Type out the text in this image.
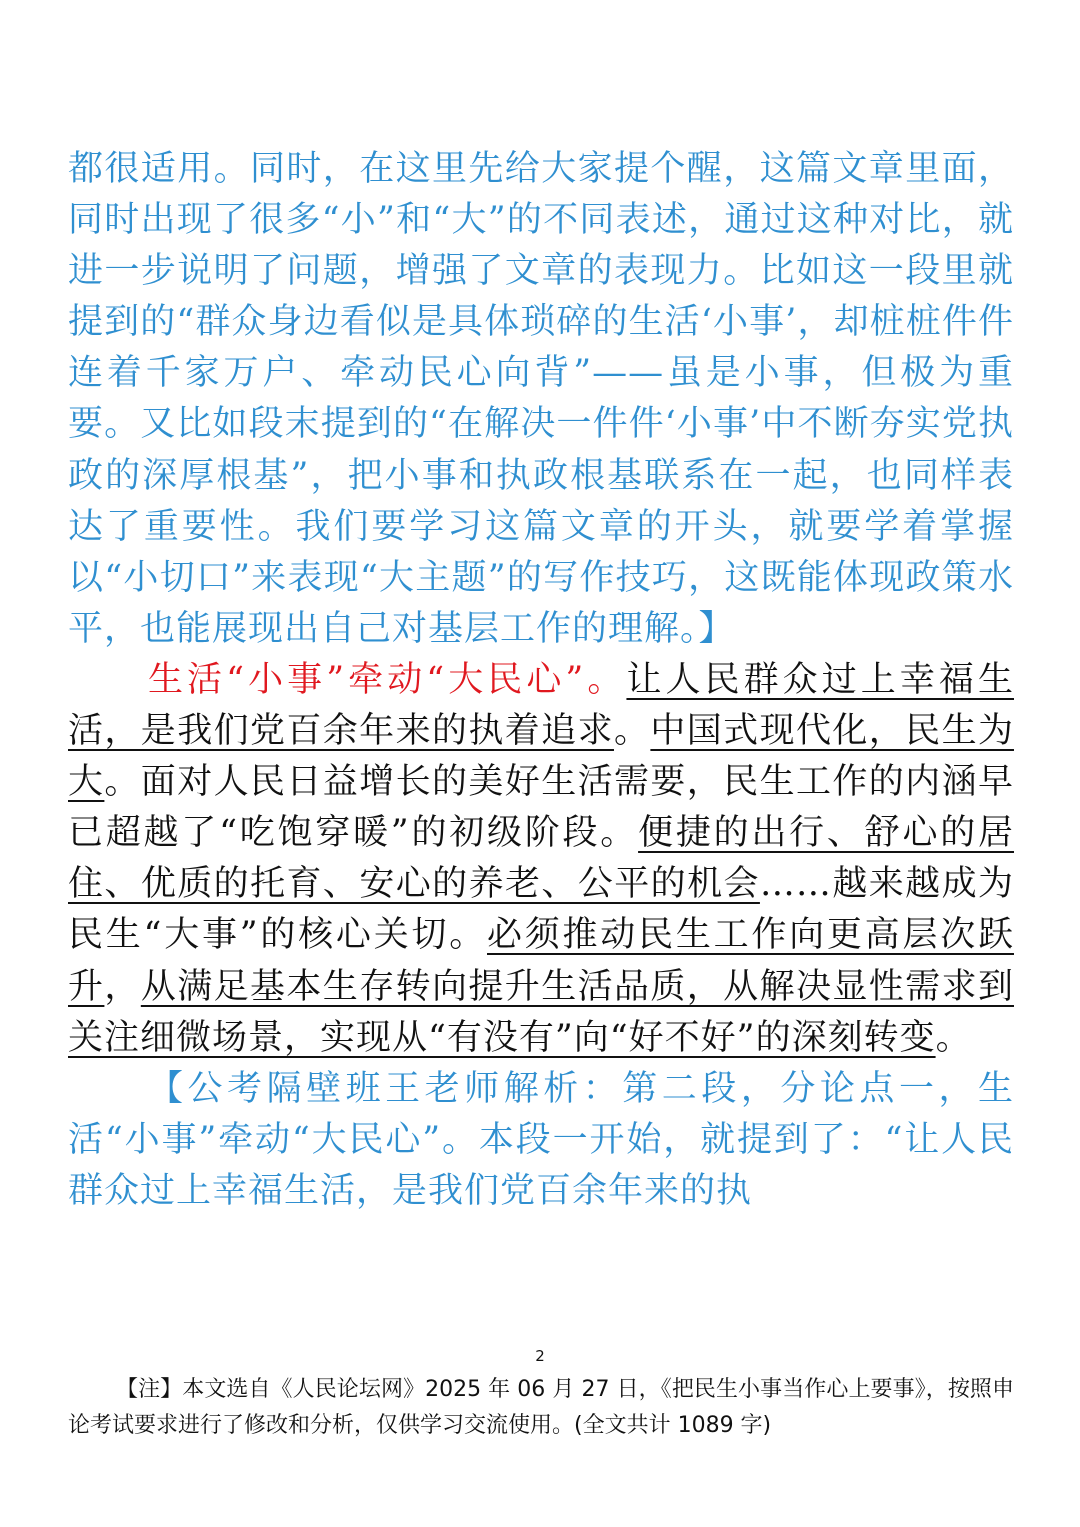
都很适用。同时，在这里先给大家提个醒，这篇文章里面，同时出现了很多“小”和“大”的不同表述，通过这种对比，就进一步说明了问题，增强了文章的表现力。比如这一段里就提到的“群众身边看似是具体琐碎的生活‘小事’，却桩桩件件连着千家万户、牵动民心向背”——虽是小事，但极为重要。又比如段末提到的“在解决一件件‘小事’中不断夯实党执政的深厚根基”，把小事和执政根基联系在一起，也同样表达了重要性。我们要学习这篇文章的开头，就要学着掌握以“小切口”来表现“大主题”的写作技巧，这既能体现政策水平，也能展现出自己对基层工作的理解。】

生活“小事”牵动“大民心”。让人民群众过上幸福生活，是我们党百余年来的执着追求。中国式现代化，民生为大。面对人民日益增长的美好生活需要，民生工作的内涵早已超越了“吃饱穿暖”的初级阶段。便捷的出行、舒心的居住、优质的托育、安心的养老、公平的机会……越来越成为民生“大事”的核心关切。必须推动民生工作向更高层次跃升，从满足基本生存转向提升生活品质，从解决显性需求到关注细微场景，实现从“有没有”向“好不好”的深刻转变。

【公考隔壁班王老师解析：第二段，分论点一，生活“小事”牵动“大民心”。本段一开始，就提到了：“让人民群众过上幸福生活，是我们党百余年来的执

2
【注】本文选自《人民论坛网》2025 年 06 月 27 日，《把民生小事当作心上要事》，按照申论考试要求进行了修改和分析，仅供学习交流使用。(全文共计 1089 字)
